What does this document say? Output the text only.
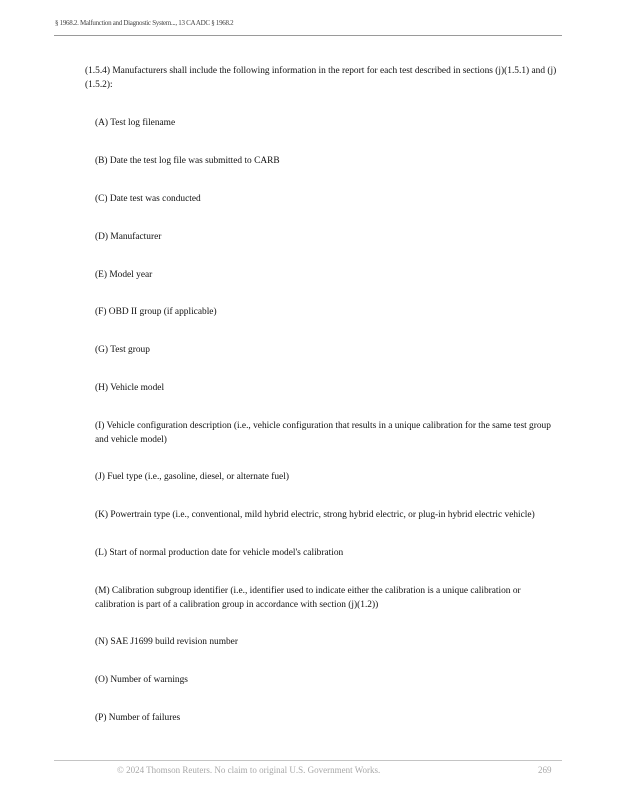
§ 1968.2. Malfunction and Diagnostic System..., 13 CA ADC § 1968.2
(1.5.4) Manufacturers shall include the following information in the report for each test described in sections (j)(1.5.1) and (j)(1.5.2):
(A) Test log filename
(B) Date the test log file was submitted to CARB
(C) Date test was conducted
(D) Manufacturer
(E) Model year
(F) OBD II group (if applicable)
(G) Test group
(H) Vehicle model
(I) Vehicle configuration description (i.e., vehicle configuration that results in a unique calibration for the same test group and vehicle model)
(J) Fuel type (i.e., gasoline, diesel, or alternate fuel)
(K) Powertrain type (i.e., conventional, mild hybrid electric, strong hybrid electric, or plug-in hybrid electric vehicle)
(L) Start of normal production date for vehicle model's calibration
(M) Calibration subgroup identifier (i.e., identifier used to indicate either the calibration is a unique calibration or calibration is part of a calibration group in accordance with section (j)(1.2))
(N) SAE J1699 build revision number
(O) Number of warnings
(P) Number of failures
© 2024 Thomson Reuters. No claim to original U.S. Government Works.	269
